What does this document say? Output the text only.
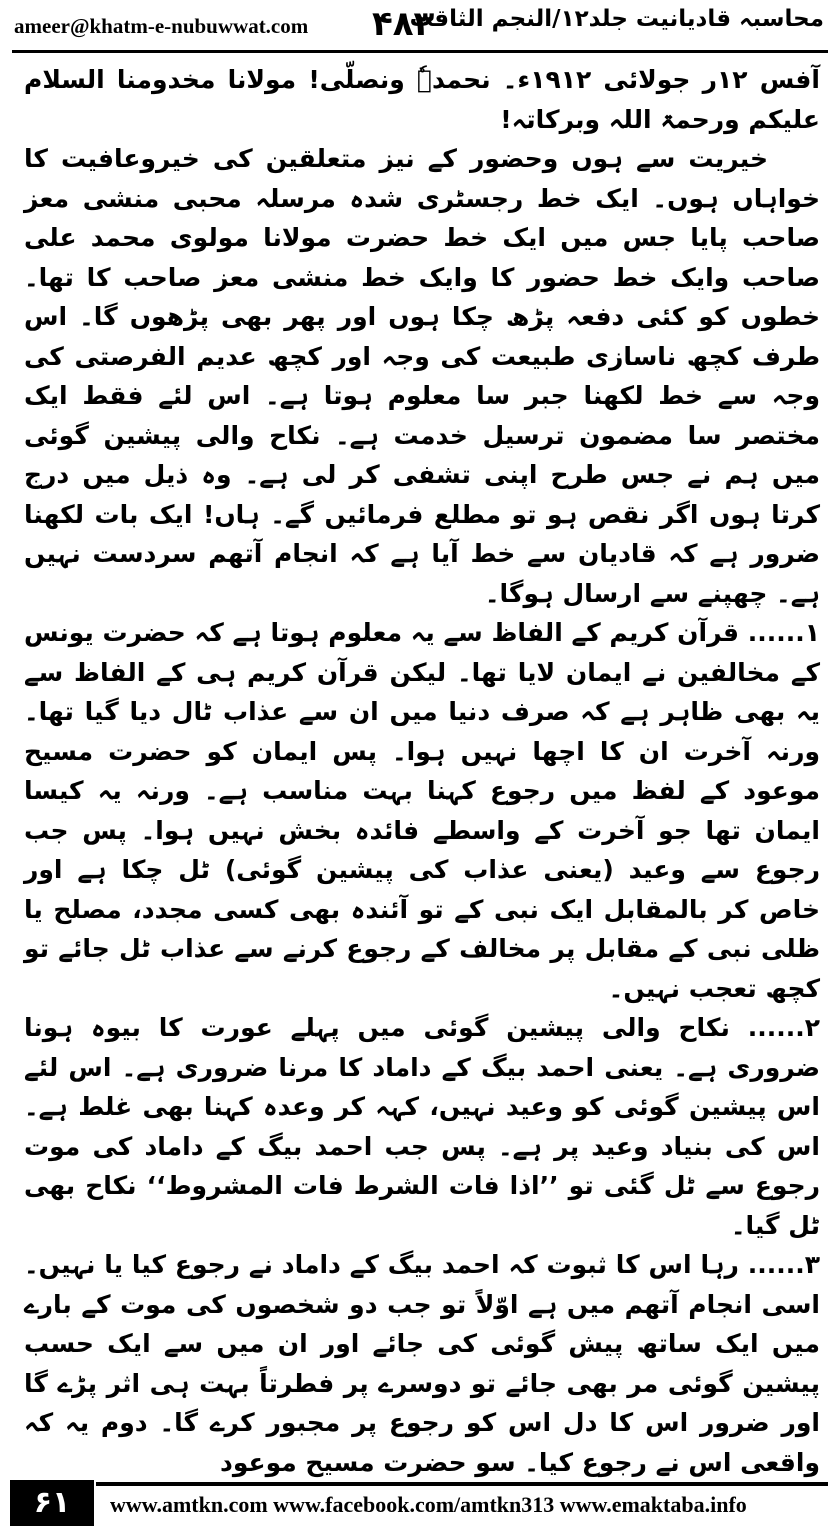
ameer@khatm-e-nubuwwat.com ۴۸۳
محاسبہ قادیانیت جلد۱۲/النجم الثاقب

آفس ۱۲ر جولائی ۱۹۱۲ء۔ نحمدہٗ ونصلّی! مولانا مخدومنا السلام علیکم ورحمۃ اللہ وبرکاتہ!

خیریت سے ہوں وحضور کے نیز متعلقین کی خیروعافیت کا خواہاں ہوں۔ ایک خط رجسٹری شدہ مرسلہ محبی منشی معز صاحب پایا جس میں ایک خط حضرت مولانا مولوی محمد علی صاحب وایک خط حضور کا وایک خط منشی معز صاحب کا تھا۔ خطوں کو کئی دفعہ پڑھ چکا ہوں اور پھر بھی پڑھوں گا۔ اس طرف کچھ ناسازی طبیعت کی وجہ اور کچھ عدیم الفرصتی کی وجہ سے خط لکھنا جبر سا معلوم ہوتا ہے۔ اس لئے فقط ایک مختصر سا مضمون ترسیل خدمت ہے۔ نکاح والی پیشین گوئی میں ہم نے جس طرح اپنی تشفی کر لی ہے۔ وہ ذیل میں درج کرتا ہوں اگر نقص ہو تو مطلع فرمائیں گے۔ ہاں! ایک بات لکھنا ضرور ہے کہ قادیان سے خط آیا ہے کہ انجام آتھم سردست نہیں ہے۔ چھپنے سے ارسال ہوگا۔

۱...... قرآن کریم کے الفاظ سے یہ معلوم ہوتا ہے کہ حضرت یونس کے مخالفین نے ایمان لایا تھا۔ لیکن قرآن کریم ہی کے الفاظ سے یہ بھی ظاہر ہے کہ صرف دنیا میں ان سے عذاب ٹال دیا گیا تھا۔ ورنہ آخرت ان کا اچھا نہیں ہوا۔ پس ایمان کو حضرت مسیح موعود کے لفظ میں رجوع کہنا بہت مناسب ہے۔ ورنہ یہ کیسا ایمان تھا جو آخرت کے واسطے فائدہ بخش نہیں ہوا۔ پس جب رجوع سے وعید (یعنی عذاب کی پیشین گوئی) ٹل چکا ہے اور خاص کر بالمقابل ایک نبی کے تو آئندہ بھی کسی مجدد، مصلح یا ظلی نبی کے مقابل پر مخالف کے رجوع کرنے سے عذاب ٹل جائے تو کچھ تعجب نہیں۔

۲...... نکاح والی پیشین گوئی میں پہلے عورت کا بیوہ ہونا ضروری ہے۔ یعنی احمد بیگ کے داماد کا مرنا ضروری ہے۔ اس لئے اس پیشین گوئی کو وعید نہیں، کہہ کر وعدہ کہنا بھی غلط ہے۔ اس کی بنیاد وعید پر ہے۔ پس جب احمد بیگ کے داماد کی موت رجوع سے ٹل گئی تو ’’اذا فات الشرط فات المشروط‘‘ نکاح بھی ٹل گیا۔

۳...... رہا اس کا ثبوت کہ احمد بیگ کے داماد نے رجوع کیا یا نہیں۔ اسی انجام آتھم میں ہے اوّلاً تو جب دو شخصوں کی موت کے بارے میں ایک ساتھ پیش گوئی کی جائے اور ان میں سے ایک حسب پیشین گوئی مر بھی جائے تو دوسرے پر فطرتاً بہت ہی اثر پڑے گا اور ضرور اس کا دل اس کو رجوع پر مجبور کرے گا۔ دوم یہ کہ واقعی اس نے رجوع کیا۔ سو حضرت مسیح موعود

۶۱	www.amtkn.com www.facebook.com/amtkn313 www.emaktaba.info
